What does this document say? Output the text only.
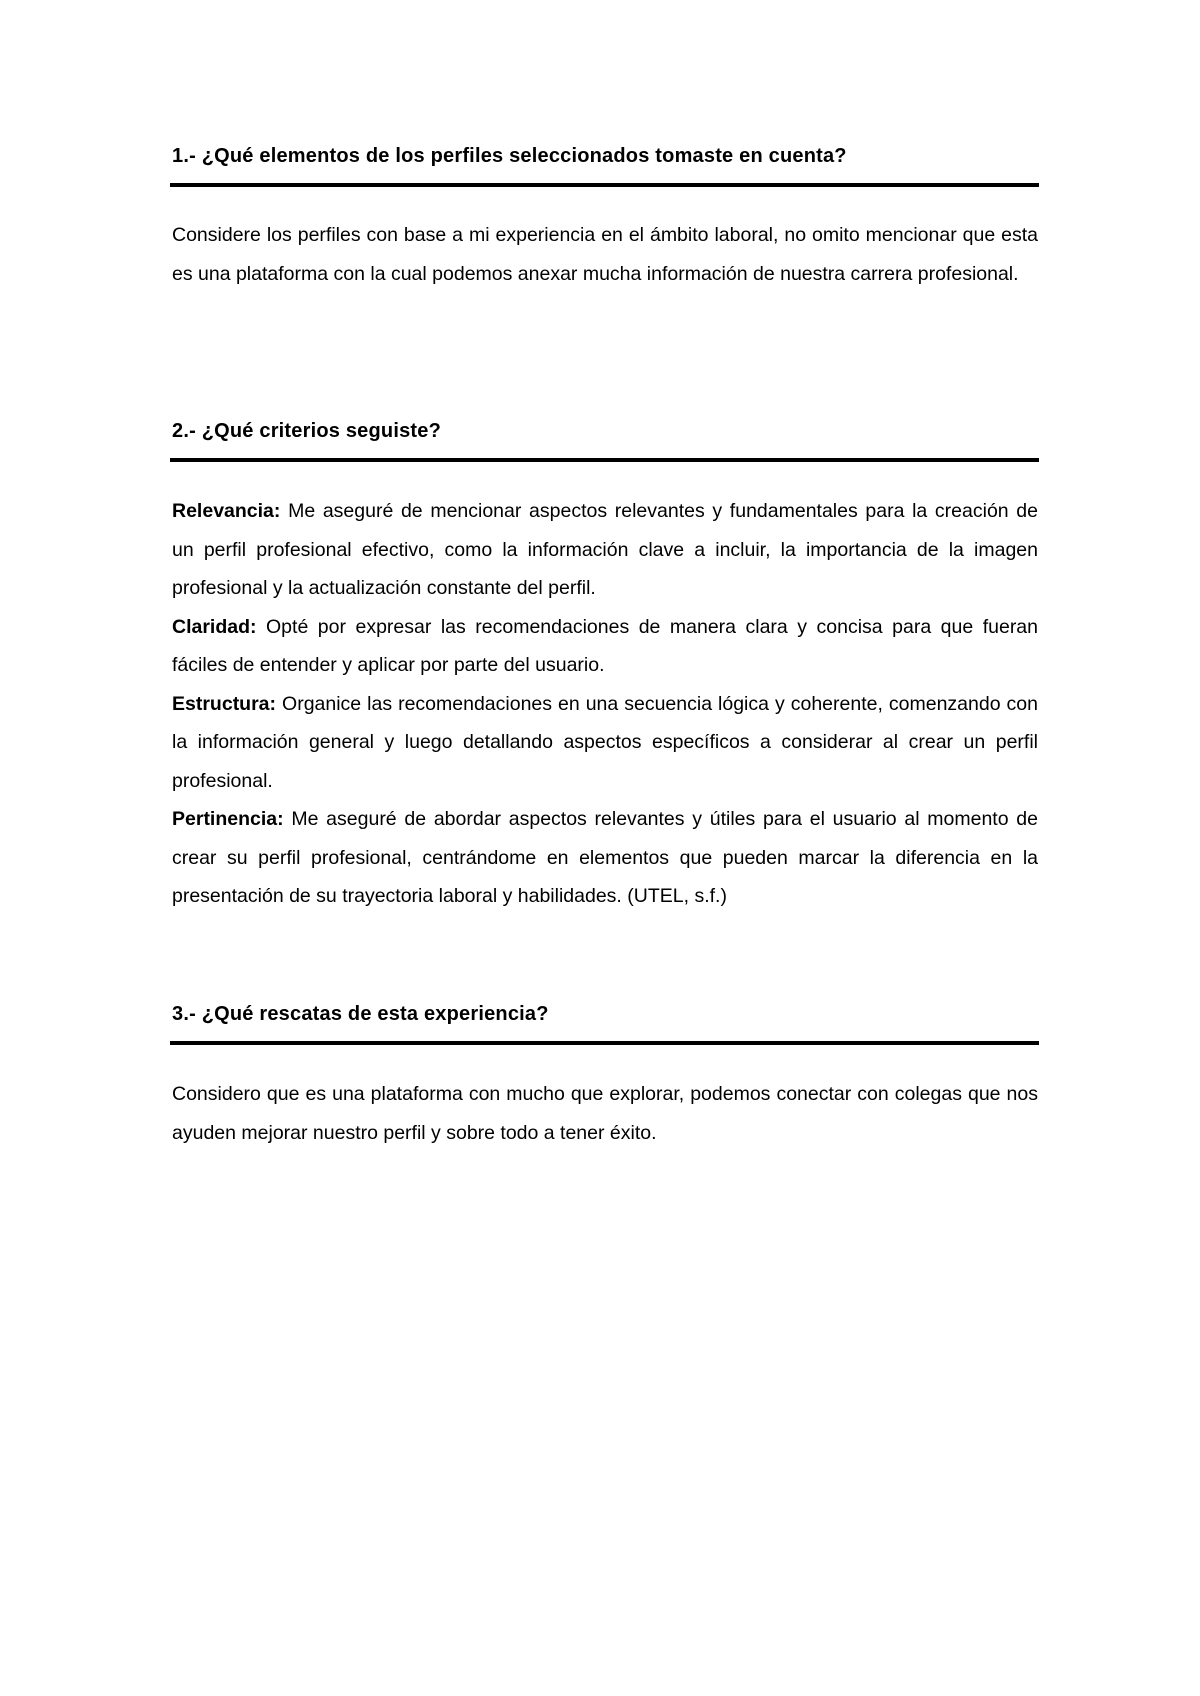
1.- ¿Qué elementos de los perfiles seleccionados tomaste en cuenta?

Considere los perfiles con base a mi experiencia en el ámbito laboral, no omito mencionar que esta es una plataforma con la cual podemos anexar mucha información de nuestra carrera profesional.

2.- ¿Qué criterios seguiste?

Relevancia: Me aseguré de mencionar aspectos relevantes y fundamentales para la creación de un perfil profesional efectivo, como la información clave a incluir, la importancia de la imagen profesional y la actualización constante del perfil.

Claridad: Opté por expresar las recomendaciones de manera clara y concisa para que fueran fáciles de entender y aplicar por parte del usuario.

Estructura: Organice las recomendaciones en una secuencia lógica y coherente, comenzando con la información general y luego detallando aspectos específicos a considerar al crear un perfil profesional.

Pertinencia: Me aseguré de abordar aspectos relevantes y útiles para el usuario al momento de crear su perfil profesional, centrándome en elementos que pueden marcar la diferencia en la presentación de su trayectoria laboral y habilidades. (UTEL, s.f.)

3.- ¿Qué rescatas de esta experiencia?

Considero que es una plataforma con mucho que explorar, podemos conectar con colegas que nos ayuden mejorar nuestro perfil y sobre todo a tener éxito.
